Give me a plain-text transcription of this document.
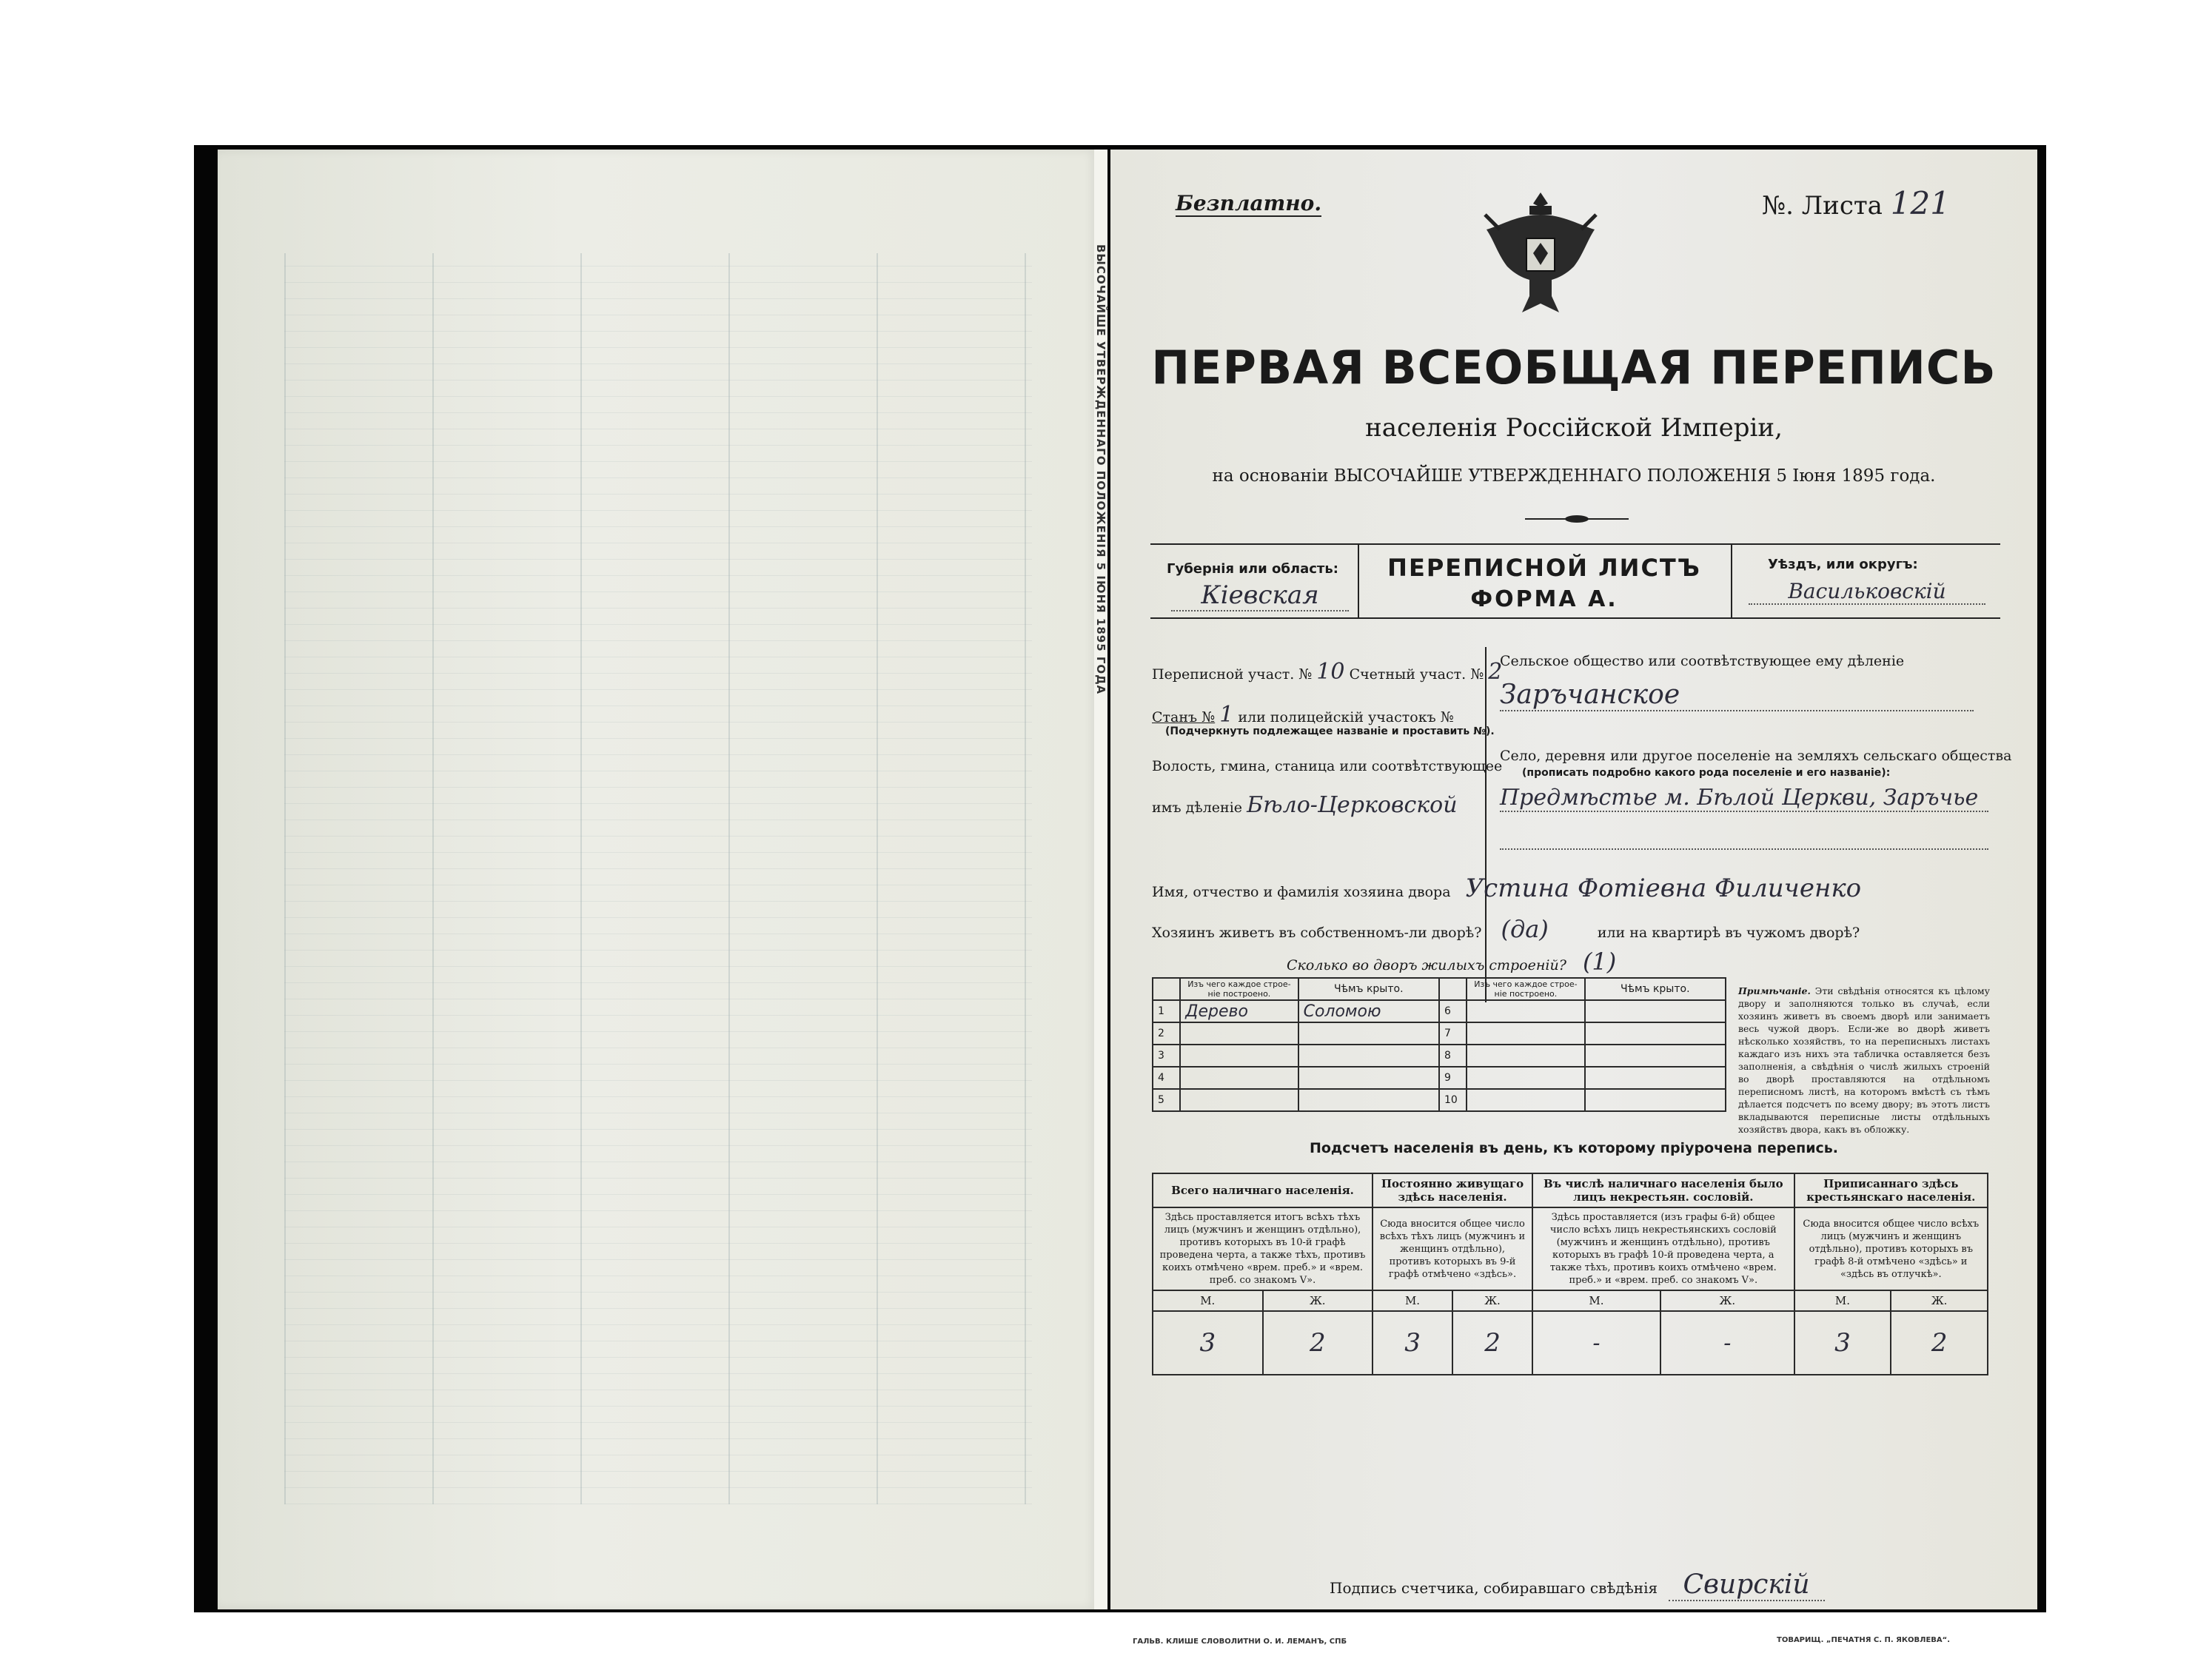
ВЫСОЧАЙШЕ УТВЕРЖДЕННАГО ПОЛОЖЕНІЯ 5 ІЮНЯ 1895 ГОДА
Безплатно.	№. Листа 121
ПЕРВАЯ ВСЕОБЩАЯ ПЕРЕПИСЬ
населенія Россійской Имперіи,
на основаніи ВЫСОЧАЙШЕ УТВЕРЖДЕННАГО ПОЛОЖЕНІЯ 5 Іюня 1895 года.
Губернія или область:
Кіевская
ПЕРЕПИСНОЙ ЛИСТЪ
ФОРМА А.
Уѣздъ, или округъ:
Васильковскій
Переписной участ. № 10 Счетный участ. № 2
Станъ № 1 или полицейскій участокъ №
(Подчеркнуть подлежащее названіе и проставить №).
Волость, гмина, станица или соотвѣтствующее
имъ дѣленіе Бѣло-Церковской
Сельское общество или соотвѣтствующее ему дѣленіе
Заръчанское
Село, деревня или другое поселеніе на земляхъ сельскаго общества
(прописать подробно какого рода поселеніе и его названіе):
Предмѣстье м. Бѣлой Церкви, Заръчье
Имя, отчество и фамилія хозяина двора Устина Фотіевна Филиченко
Хозяинъ живетъ въ собственномъ-ли дворѣ? (да)	или на квартирѣ въ чужомъ дворѣ?
Сколько во дворъ жилыхъ строеній? (1)
	Изъ чего каждое строе-ніе построено.	Чѣмъ крыто.		Изъ чего каждое строе-ніе построено.	Чѣмъ крыто.
1	Дерево	Соломою	6		
2			7		
3			8		
4			9		
5			10		
Примѣчаніе. Эти свѣдѣнія относятся къ цѣлому двору и заполняются только въ случаѣ, если хозяинъ живетъ въ своемъ дворѣ или занимаетъ весь чужой дворъ. Если-же во дворѣ живетъ нѣсколько хозяйствъ, то на переписныхъ листахъ каждаго изъ нихъ эта табличка оставляется безъ заполненія, а свѣдѣнія о числѣ жилыхъ строеній во дворѣ проставляются на отдѣльномъ переписномъ листѣ, на которомъ вмѣстѣ съ тѣмъ дѣлается подсчетъ по всему двору; въ этотъ листъ вкладываются переписные листы отдѣльныхъ хозяйствъ двора, какъ въ обложку.
Подсчетъ населенія въ день, къ которому пріурочена перепись.
Всего наличнаго населенія.		Постоянно живущаго здѣсь населенія.		Въ числѣ наличнаго населенія было лицъ некрестьян. сословій.		Приписаннаго здѣсь крестьянскаго населенія.	
Здѣсь проставляется итогъ всѣхъ тѣхъ лицъ (мужчинъ и женщинъ отдѣльно), противъ которыхъ въ 10-й графѣ проведена черта, а также тѣхъ, противъ коихъ отмѣчено «врем. преб.» и «врем. преб. со знакомъ V».		Сюда вносится общее число всѣхъ тѣхъ лицъ (мужчинъ и женщинъ отдѣльно), противъ которыхъ въ 9-й графѣ отмѣчено «здѣсь».		Здѣсь проставляется (изъ графы 6-й) общее число всѣхъ лицъ некрестьянскихъ сословій (мужчинъ и женщинъ отдѣльно), противъ которыхъ въ графѣ 10-й проведена черта, а также тѣхъ, противъ коихъ отмѣчено «врем. преб.» и «врем. преб. со знакомъ V».		Сюда вносится общее число всѣхъ лицъ (мужчинъ и женщинъ отдѣльно), противъ которыхъ въ графѣ 8-й отмѣчено «здѣсь» и «здѣсь въ отлучкѣ».	
М.	Ж.	М.	Ж.	М.	Ж.	М.	Ж.
3	2	3	2	-	-	3	2
Подпись счетчика, собиравшаго свѣдѣнія Свирскій
ГАЛЬВ. КЛИШЕ СЛОВОЛИТНИ О. И. ЛЕМАНЪ, СПБ	ТОВАРИЩ. „ПЕЧАТНЯ С. П. ЯКОВЛЕВА“.
